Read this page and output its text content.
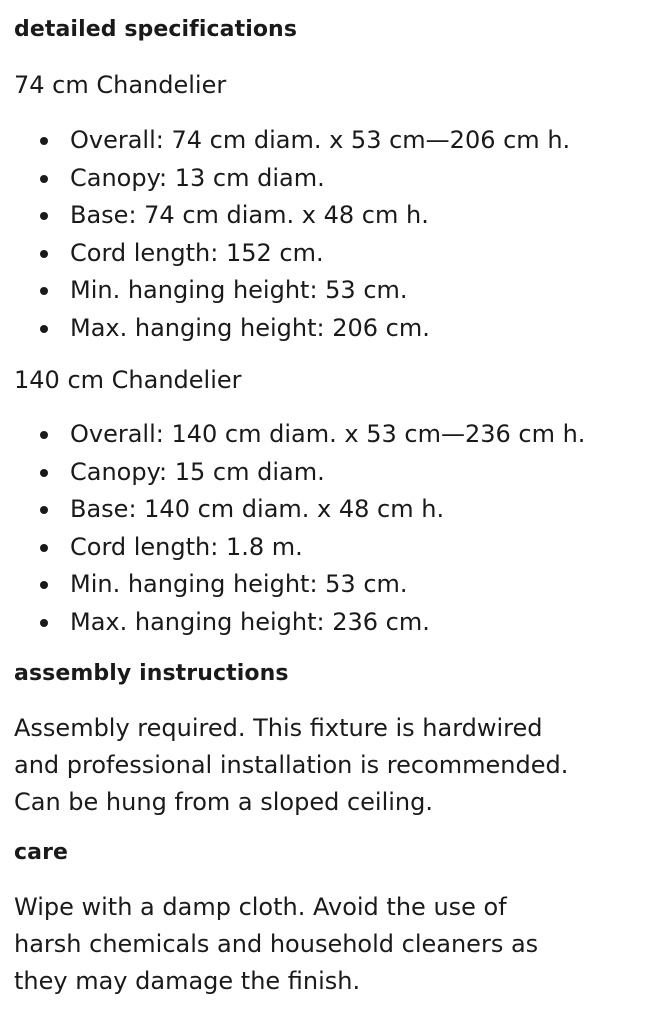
detailed specifications
74 cm Chandelier
Overall: 74 cm diam. x 53 cm—206 cm h.
Canopy: 13 cm diam.
Base: 74 cm diam. x 48 cm h.
Cord length: 152 cm.
Min. hanging height: 53 cm.
Max. hanging height: 206 cm.
140 cm Chandelier
Overall: 140 cm diam. x 53 cm—236 cm h.
Canopy: 15 cm diam.
Base: 140 cm diam. x 48 cm h.
Cord length: 1.8 m.
Min. hanging height: 53 cm.
Max. hanging height: 236 cm.
assembly instructions

Assembly required. This fixture is hardwired
and professional installation is recommended.
Can be hung from a sloped ceiling.

care

Wipe with a damp cloth. Avoid the use of
harsh chemicals and household cleaners as
they may damage the finish.
